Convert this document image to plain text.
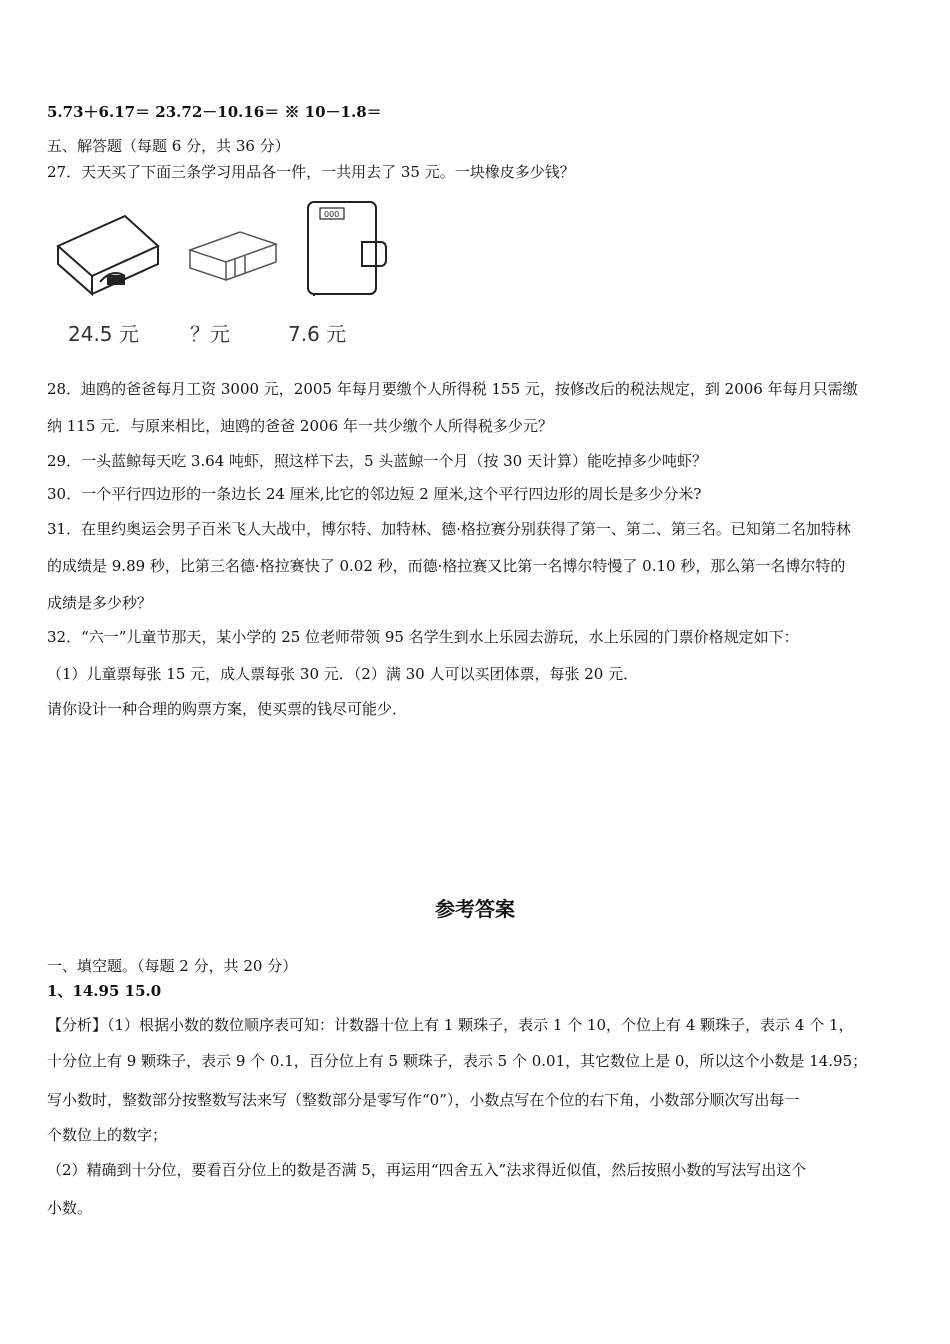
5.73＋6.17＝ 23.72－10.16＝ ※ 10－1.8＝
五、解答题（每题 6 分，共 36 分）
27．天天买了下面三条学习用品各一件，一共用去了 35 元。一块橡皮多少钱？
000
24.5 元	？元	7.6 元
28．迪鸥的爸爸每月工资 3000 元，2005 年每月要缴个人所得税 155 元，按修改后的税法规定，到 2006 年每月只需缴
纳 115 元．与原来相比，迪鸥的爸爸 2006 年一共少缴个人所得税多少元？
29．一头蓝鲸每天吃 3.64 吨虾，照这样下去，5 头蓝鲸一个月（按 30 天计算）能吃掉多少吨虾？
30．一个平行四边形的一条边长 24 厘米,比它的邻边短 2 厘米,这个平行四边形的周长是多少分米?
31．在里约奥运会男子百米飞人大战中，博尔特、加特林、德·格拉赛分别获得了第一、第二、第三名。已知第二名加特林
的成绩是 9.89 秒，比第三名德·格拉赛快了 0.02 秒，而德·格拉赛又比第一名博尔特慢了 0.10 秒，那么第一名博尔特的
成绩是多少秒？
32．“六一”儿童节那天，某小学的 25 位老师带领 95 名学生到水上乐园去游玩，水上乐园的门票价格规定如下：
（1）儿童票每张 15 元，成人票每张 30 元．（2）满 30 人可以买团体票，每张 20 元．
请你设计一种合理的购票方案，使买票的钱尽可能少．
参考答案
一、填空题。（每题 2 分，共 20 分）
1、14.95 15.0
【分析】（1）根据小数的数位顺序表可知：计数器十位上有 1 颗珠子，表示 1 个 10，个位上有 4 颗珠子，表示 4 个 1，
十分位上有 9 颗珠子，表示 9 个 0.1，百分位上有 5 颗珠子，表示 5 个 0.01，其它数位上是 0，所以这个小数是 14.95；
写小数时，整数部分按整数写法来写（整数部分是零写作“0”），小数点写在个位的右下角，小数部分顺次写出每一
个数位上的数字；
（2）精确到十分位，要看百分位上的数是否满 5，再运用“四舍五入”法求得近似值，然后按照小数的写法写出这个
小数。
